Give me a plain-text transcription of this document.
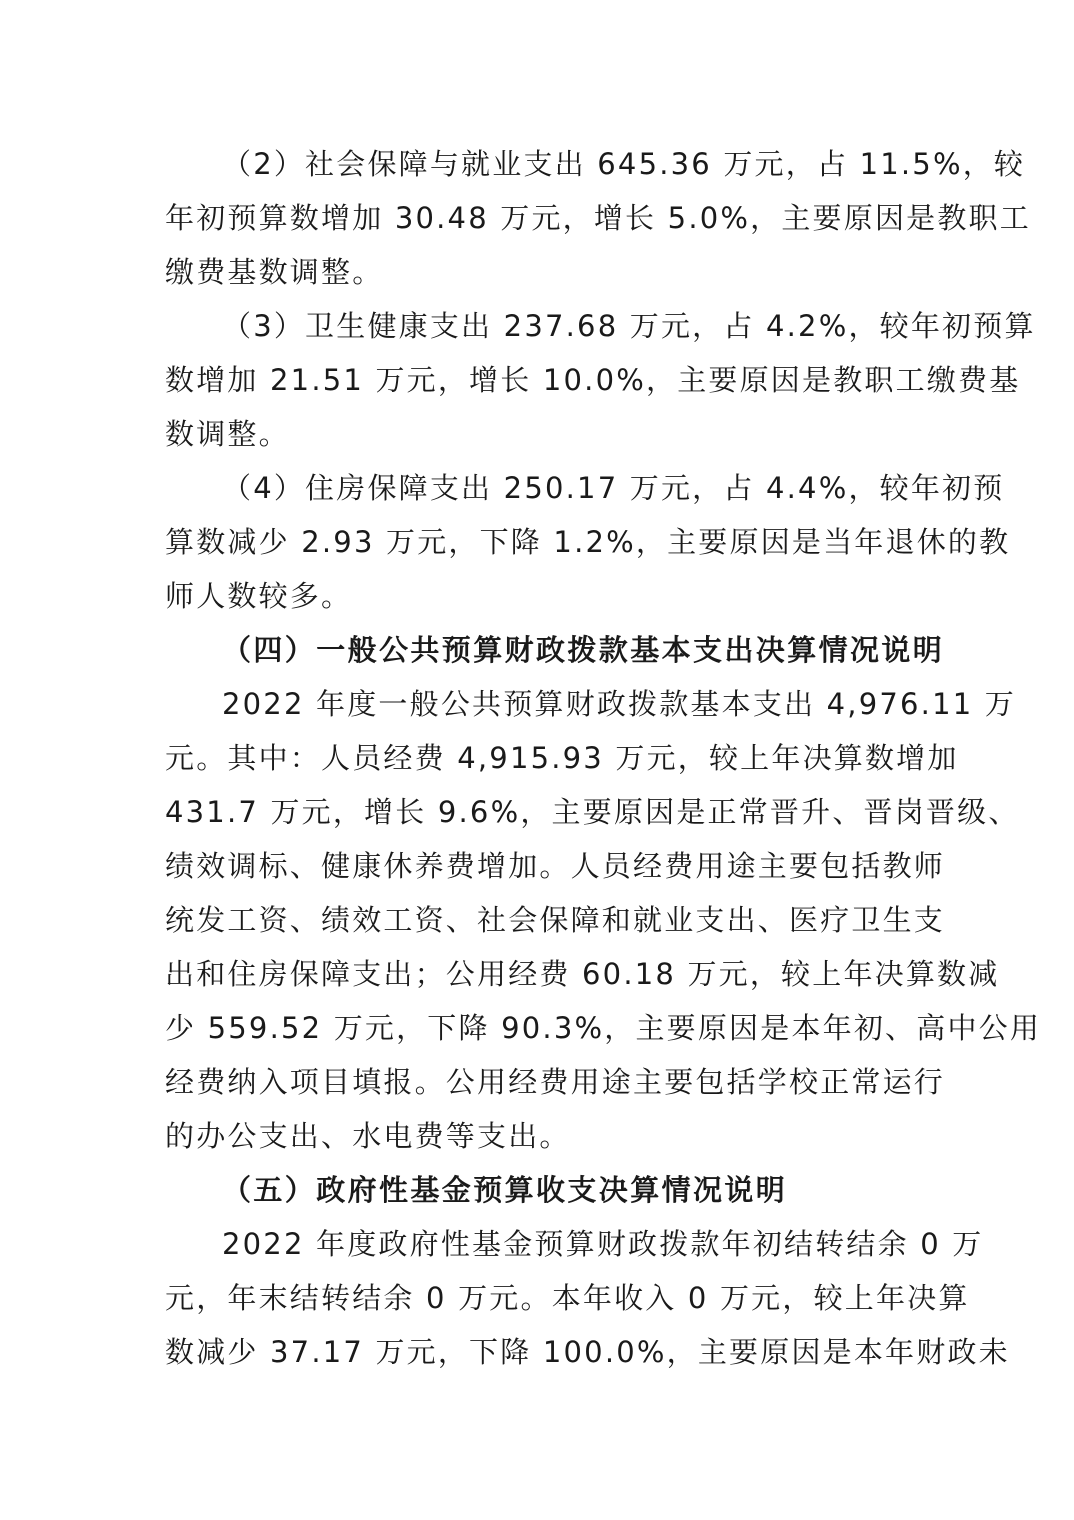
（2）社会保障与就业支出 645.36 万元，占 11.5%，较
年初预算数增加 30.48 万元，增长 5.0%，主要原因是教职工
缴费基数调整。
（3）卫生健康支出 237.68 万元，占 4.2%，较年初预算
数增加 21.51 万元，增长 10.0%，主要原因是教职工缴费基
数调整。
（4）住房保障支出 250.17 万元，占 4.4%，较年初预
算数减少 2.93 万元，下降 1.2%，主要原因是当年退休的教
师人数较多。
（四）一般公共预算财政拨款基本支出决算情况说明
2022 年度一般公共预算财政拨款基本支出 4,976.11 万
元。其中：人员经费 4,915.93 万元，较上年决算数增加
431.7 万元，增长 9.6%，主要原因是正常晋升、晋岗晋级、
绩效调标、健康休养费增加。人员经费用途主要包括教师
统发工资、绩效工资、社会保障和就业支出、医疗卫生支
出和住房保障支出；公用经费 60.18 万元，较上年决算数减
少 559.52 万元，下降 90.3%，主要原因是本年初、高中公用
经费纳入项目填报。公用经费用途主要包括学校正常运行
的办公支出、水电费等支出。
（五）政府性基金预算收支决算情况说明
2022 年度政府性基金预算财政拨款年初结转结余 0 万
元，年末结转结余 0 万元。本年收入 0 万元，较上年决算
数减少 37.17 万元，下降 100.0%，主要原因是本年财政未
